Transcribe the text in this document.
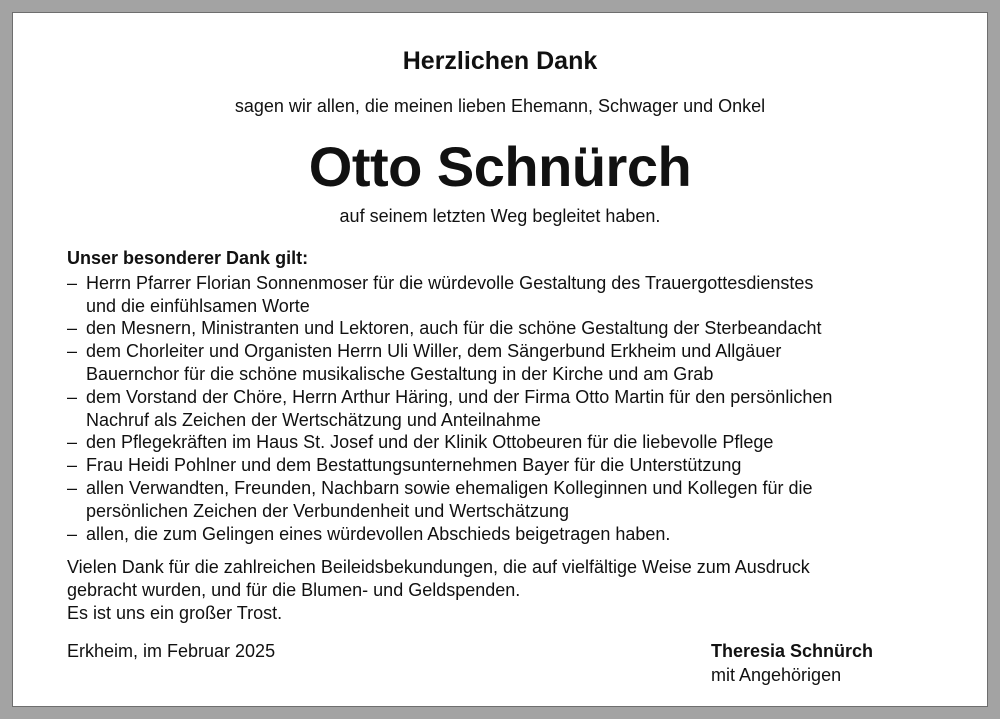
Herzlichen Dank
sagen wir allen, die meinen lieben Ehemann, Schwager und Onkel
Otto Schnürch
auf seinem letzten Weg begleitet haben.
Unser besonderer Dank gilt:
– Herrn Pfarrer Florian Sonnenmoser für die würdevolle Gestaltung des Trauergottesdienstes
und die einfühlsamen Worte
– den Mesnern, Ministranten und Lektoren, auch für die schöne Gestaltung der Sterbeandacht
– dem Chorleiter und Organisten Herrn Uli Willer, dem Sängerbund Erkheim und Allgäuer
Bauernchor für die schöne musikalische Gestaltung in der Kirche und am Grab
– dem Vorstand der Chöre, Herrn Arthur Häring, und der Firma Otto Martin für den persönlichen
Nachruf als Zeichen der Wertschätzung und Anteilnahme
– den Pflegekräften im Haus St. Josef und der Klinik Ottobeuren für die liebevolle Pflege
– Frau Heidi Pohlner und dem Bestattungsunternehmen Bayer für die Unterstützung
– allen Verwandten, Freunden, Nachbarn sowie ehemaligen Kolleginnen und Kollegen für die
persönlichen Zeichen der Verbundenheit und Wertschätzung
– allen, die zum Gelingen eines würdevollen Abschieds beigetragen haben.
Vielen Dank für die zahlreichen Beileidsbekundungen, die auf vielfältige Weise zum Ausdruck
gebracht wurden, und für die Blumen- und Geldspenden.
Es ist uns ein großer Trost.
Erkheim, im Februar 2025	Theresia Schnürch
mit Angehörigen
